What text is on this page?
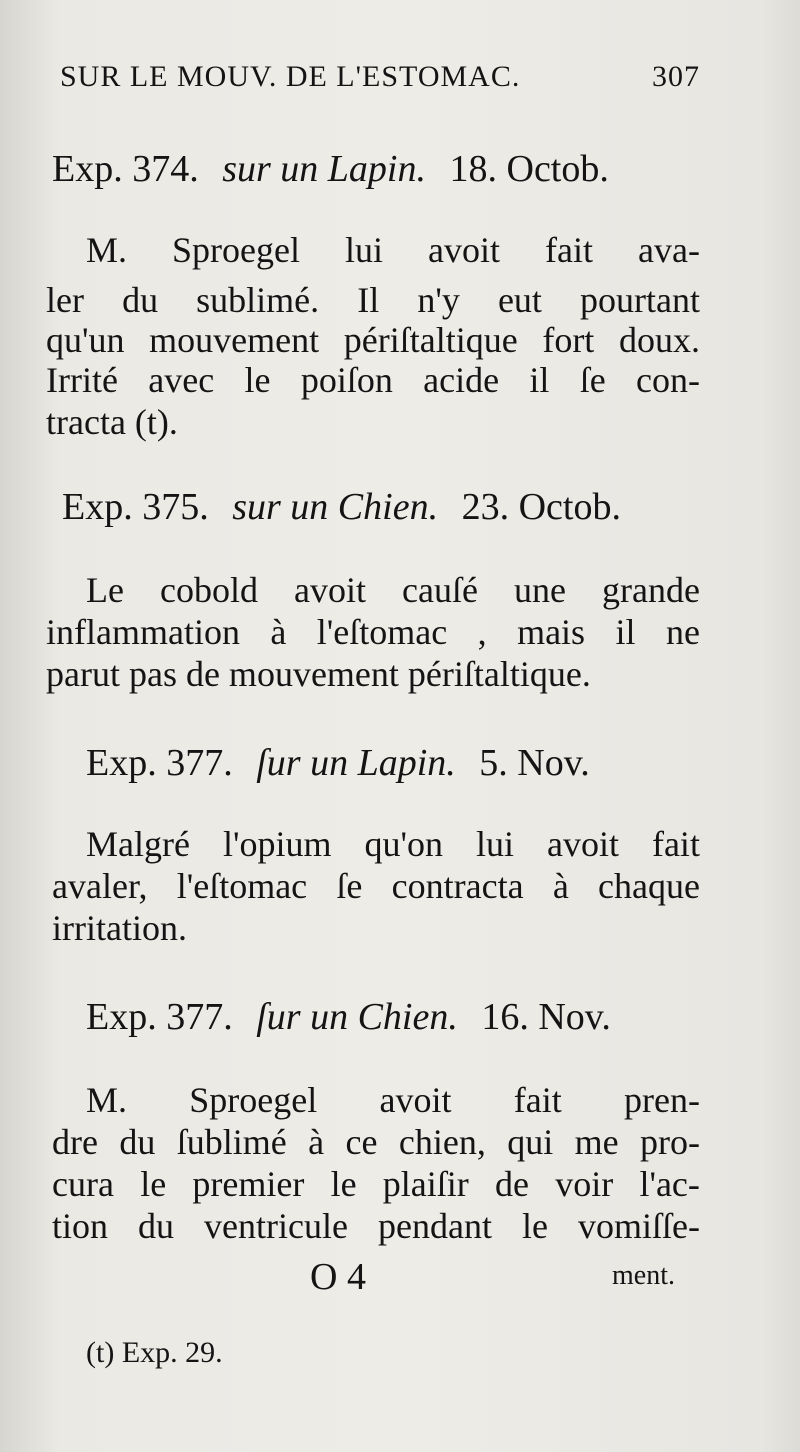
SUR LE MOUV. DE L'ESTOMAC.	307
Exp. 374. sur un Lapin. 18. Octob.
M. Sproegel lui avoit fait ava-
ler du sublimé. Il n'y eut pourtant
qu'un mouvement périſtaltique fort doux.
Irrité avec le poiſon acide il ſe con-
tracta (t).
Exp. 375. sur un Chien. 23. Octob.
Le cobold avoit cauſé une grande
inflammation à l'eſtomac , mais il ne
parut pas de mouvement périſtaltique.
Exp. 377. ſur un Lapin. 5. Nov.
Malgré l'opium qu'on lui avoit fait
avaler, l'eſtomac ſe contracta à chaque
irritation.
Exp. 377. ſur un Chien. 16. Nov.
M. Sproegel avoit fait pren-
dre du ſublimé à ce chien, qui me pro-
cura le premier le plaiſir de voir l'ac-
tion du ventricule pendant le vomiſſe-
O 4	ment.
(t) Exp. 29.
